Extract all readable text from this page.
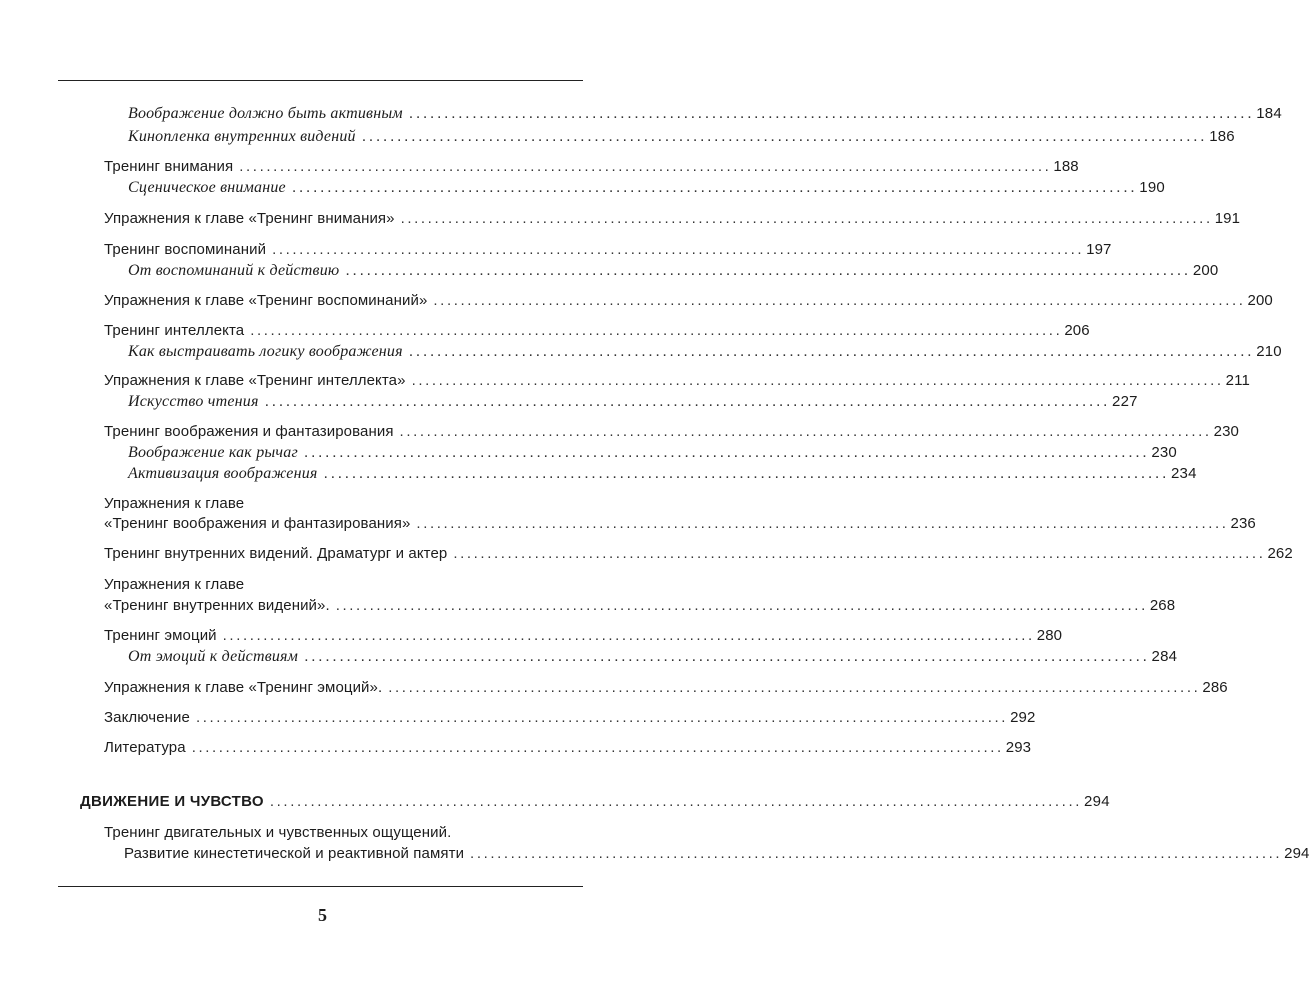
Воображение должно быть активным ........................................................................................................................ 184
Кинопленка внутренних видений ........................................................................................................................ 186
Тренинг внимания ........................................................................................................................ 188
Сценическое внимание ........................................................................................................................ 190
Упражнения к главе «Тренинг внимания» ........................................................................................................................ 191
Тренинг воспоминаний ........................................................................................................................ 197
От воспоминаний к действию ........................................................................................................................ 200
Упражнения к главе «Тренинг воспоминаний» ........................................................................................................................ 200
Тренинг интеллекта ........................................................................................................................ 206
Как выстраивать логику воображения ........................................................................................................................ 210
Упражнения к главе «Тренинг интеллекта» ........................................................................................................................ 211
Искусство чтения ........................................................................................................................ 227
Тренинг воображения и фантазирования ........................................................................................................................ 230
Воображение как рычаг ........................................................................................................................ 230
Активизация воображения ........................................................................................................................ 234
Упражнения к главе
«Тренинг воображения и фантазирования» ........................................................................................................................ 236
Тренинг внутренних видений. Драматург и актер ........................................................................................................................ 262
Упражнения к главе
«Тренинг внутренних видений». ........................................................................................................................ 268
Тренинг эмоций ........................................................................................................................ 280
От эмоций к действиям ........................................................................................................................ 284
Упражнения к главе «Тренинг эмоций». ........................................................................................................................ 286
Заключение ........................................................................................................................ 292
Литература ........................................................................................................................ 293
ДВИЖЕНИЕ И ЧУВСТВО ........................................................................................................................ 294
Тренинг двигательных и чувственных ощущений.
Развитие кинестетической и реактивной памяти ........................................................................................................................ 294
5
